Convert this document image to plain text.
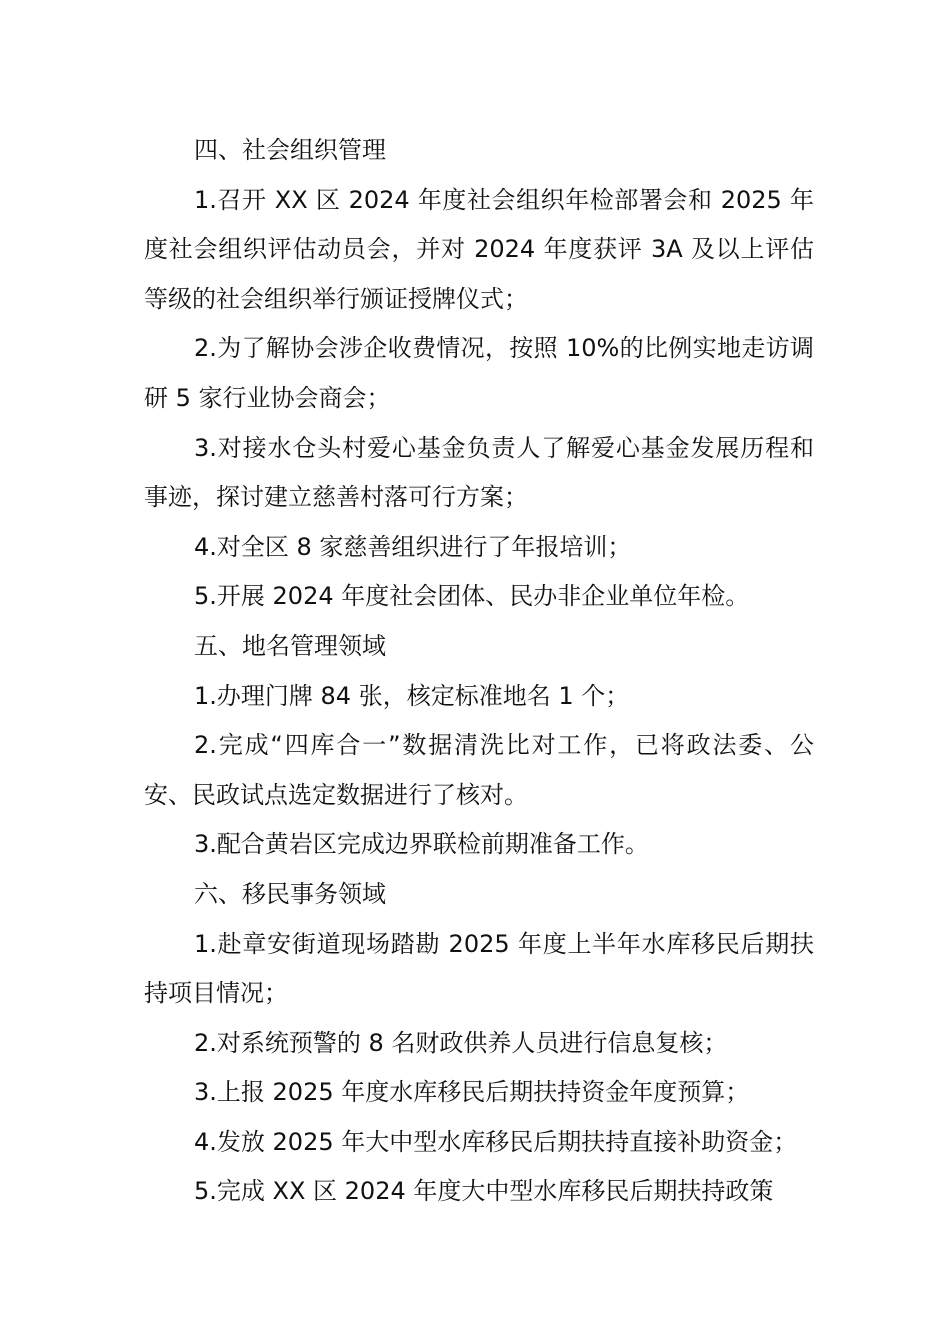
四、社会组织管理

1.召开 XX 区 2024 年度社会组织年检部署会和 2025 年度社会组织评估动员会，并对 2024 年度获评 3A 及以上评估等级的社会组织举行颁证授牌仪式；

2.为了解协会涉企收费情况，按照 10%的比例实地走访调研 5 家行业协会商会；

3.对接水仓头村爱心基金负责人了解爱心基金发展历程和事迹，探讨建立慈善村落可行方案；

4.对全区 8 家慈善组织进行了年报培训；

5.开展 2024 年度社会团体、民办非企业单位年检。

五、地名管理领域

1.办理门牌 84 张，核定标准地名 1 个；

2.完成“四库合一”数据清洗比对工作，已将政法委、公安、民政试点选定数据进行了核对。

3.配合黄岩区完成边界联检前期准备工作。

六、移民事务领域

1.赴章安街道现场踏勘 2025 年度上半年水库移民后期扶持项目情况；

2.对系统预警的 8 名财政供养人员进行信息复核；

3.上报 2025 年度水库移民后期扶持资金年度预算；

4.发放 2025 年大中型水库移民后期扶持直接补助资金；

5.完成 XX 区 2024 年度大中型水库移民后期扶持政策
